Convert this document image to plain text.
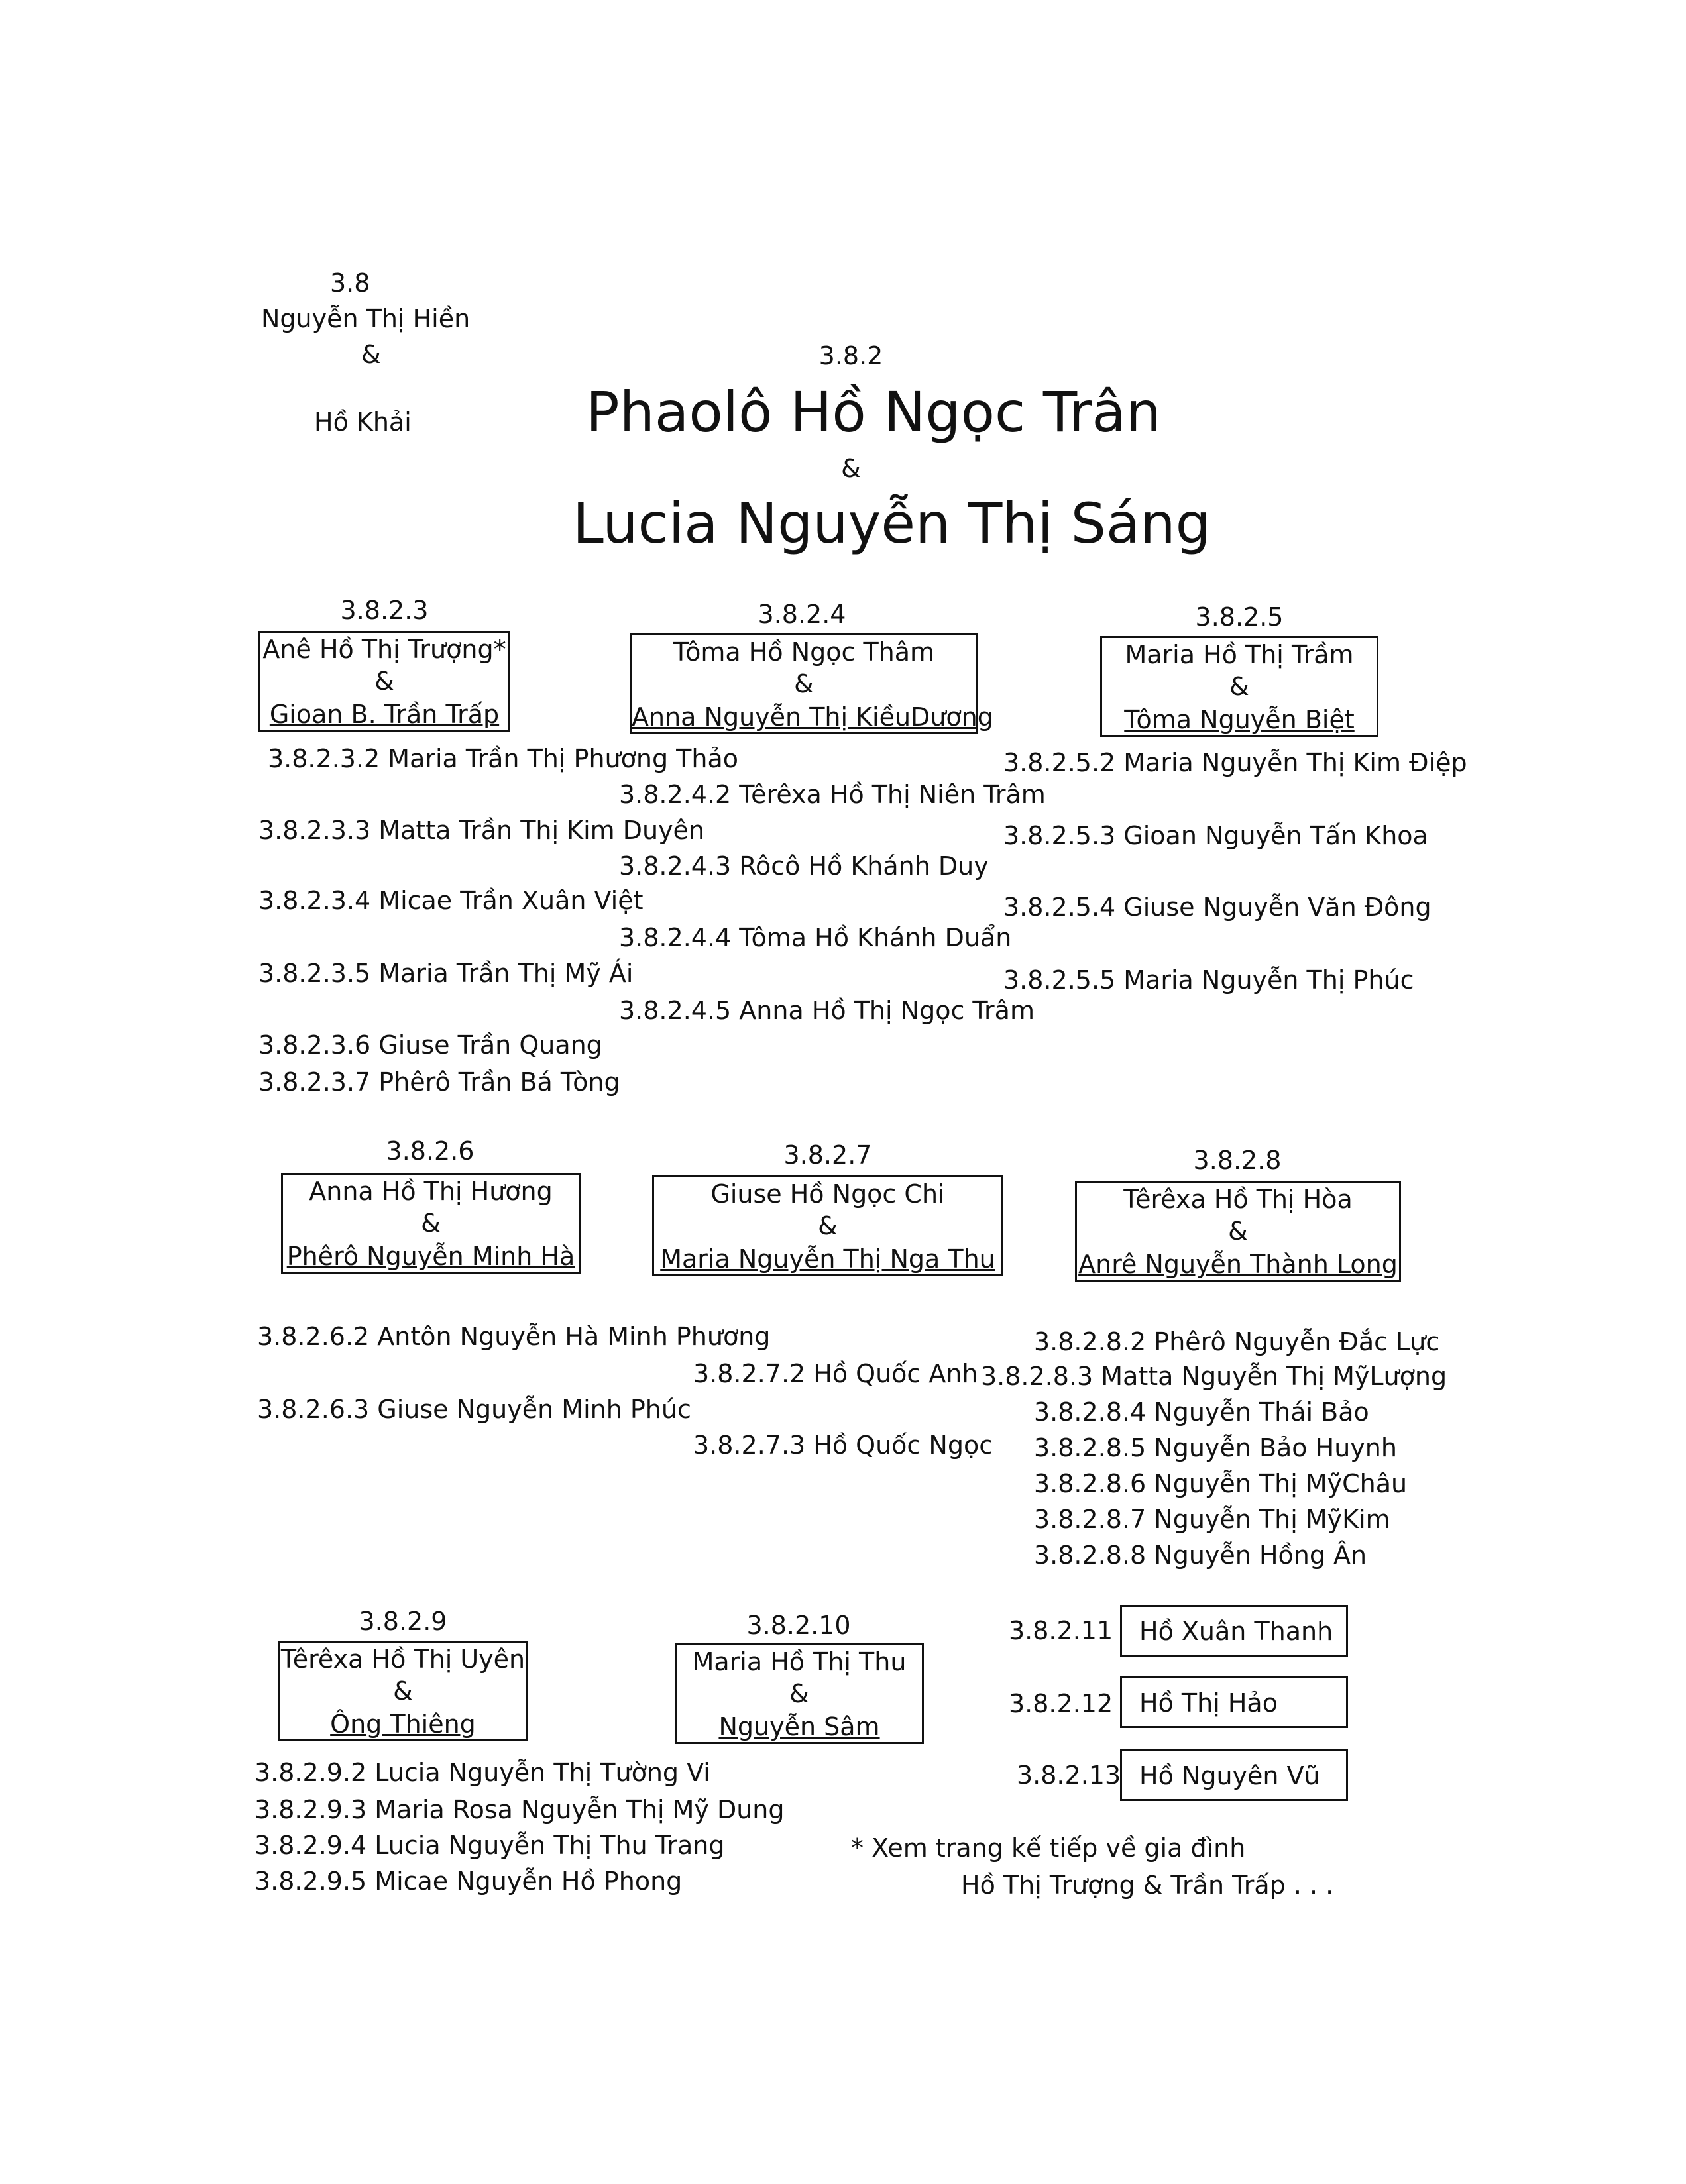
3.8
Nguyễn Thị Hiền
&
Hồ Khải
3.8.2
Phaolô Hồ Ngọc Trân
&
Lucia Nguyễn Thị Sáng
3.8.2.3
Anê Hồ Thị Trượng*
&
Gioan B. Trần Trấp
3.8.2.4
Tôma Hồ Ngọc Thâm
&
Anna Nguyễn Thị KiềuDương
3.8.2.5
Maria Hồ Thị Trầm
&
Tôma Nguyễn Biệt
3.8.2.3.2 Maria Trần Thị Phương Thảo
3.8.2.3.3 Matta Trần Thị Kim Duyên
3.8.2.3.4 Micae Trần Xuân Việt
3.8.2.3.5 Maria Trần Thị Mỹ Ái
3.8.2.3.6 Giuse Trần Quang
3.8.2.3.7 Phêrô Trần Bá Tòng
3.8.2.4.2 Têrêxa Hồ Thị Niên Trâm
3.8.2.4.3 Rôcô Hồ Khánh Duy
3.8.2.4.4 Tôma Hồ Khánh Duẩn
3.8.2.4.5 Anna Hồ Thị Ngọc Trâm
3.8.2.5.2 Maria Nguyễn Thị Kim Điệp
3.8.2.5.3 Gioan Nguyễn Tấn Khoa
3.8.2.5.4 Giuse Nguyễn Văn Đông
3.8.2.5.5 Maria Nguyễn Thị Phúc
3.8.2.6
Anna Hồ Thị Hương
&
Phêrô Nguyễn Minh Hà
3.8.2.7
Giuse Hồ Ngọc Chi
&
Maria Nguyễn Thị Nga Thu
3.8.2.8
Têrêxa Hồ Thị Hòa
&
Anrê Nguyễn Thành Long
3.8.2.6.2 Antôn Nguyễn Hà Minh Phương
3.8.2.6.3 Giuse Nguyễn Minh Phúc
3.8.2.7.2 Hồ Quốc Anh
3.8.2.7.3 Hồ Quốc Ngọc
3.8.2.8.2 Phêrô Nguyễn Đắc Lực
3.8.2.8.3 Matta Nguyễn Thị MỹLượng
3.8.2.8.4 Nguyễn Thái Bảo
3.8.2.8.5 Nguyễn Bảo Huynh
3.8.2.8.6 Nguyễn Thị MỹChâu
3.8.2.8.7 Nguyễn Thị MỹKim
3.8.2.8.8 Nguyễn Hồng Ân
3.8.2.9
Têrêxa Hồ Thị Uyên
&
Ông Thiêng
3.8.2.10
Maria Hồ Thị Thu
&
Nguyễn Sâm
3.8.2.11 Hồ Xuân Thanh
3.8.2.12 Hồ Thị Hảo
3.8.2.13 Hồ Nguyên Vũ
3.8.2.9.2 Lucia Nguyễn Thị Tường Vi
3.8.2.9.3 Maria Rosa Nguyễn Thị Mỹ Dung
3.8.2.9.4 Lucia Nguyễn Thị Thu Trang
3.8.2.9.5 Micae Nguyễn Hồ Phong
* Xem trang kế tiếp về gia đình
Hồ Thị Trượng & Trần Trấp . . .
